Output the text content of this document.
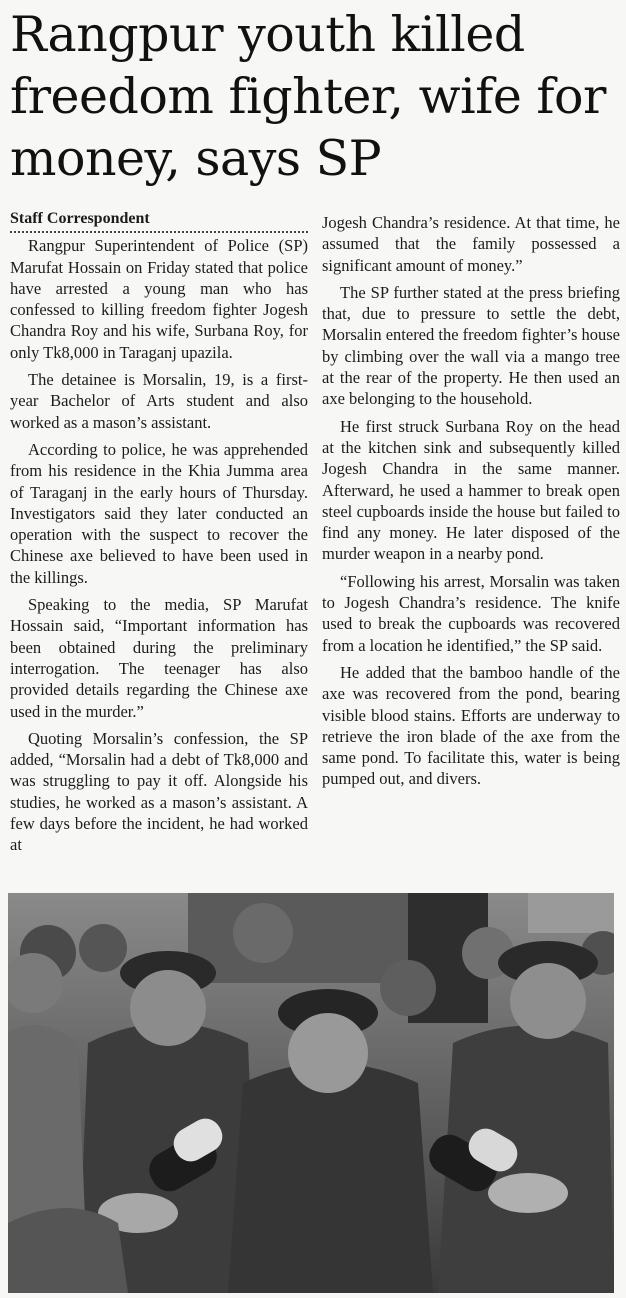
Rangpur youth killed freedom fighter, wife for money, says SP
Staff Correspondent

Rangpur Superintendent of Police (SP) Marufat Hossain on Friday stated that police have arrested a young man who has confessed to killing freedom fighter Jogesh Chandra Roy and his wife, Surbana Roy, for only Tk8,000 in Taraganj upazila.

The detainee is Morsalin, 19, is a first-year Bachelor of Arts student and also worked as a mason’s assistant.

According to police, he was apprehended from his residence in the Khia Jumma area of Taraganj in the early hours of Thursday. Investigators said they later conducted an operation with the suspect to recover the Chinese axe believed to have been used in the killings.

Speaking to the media, SP Marufat Hossain said, “Important information has been obtained during the preliminary interrogation. The teenager has also provided details regarding the Chinese axe used in the murder.”

Quoting Morsalin’s confession, the SP added, “Morsalin had a debt of Tk8,000 and was struggling to pay it off. Alongside his studies, he worked as a mason’s assistant. A few days before the incident, he had worked at

Jogesh Chandra’s residence. At that time, he assumed that the family possessed a significant amount of money.”

The SP further stated at the press briefing that, due to pressure to settle the debt, Morsalin entered the freedom fighter’s house by climbing over the wall via a mango tree at the rear of the property. He then used an axe belonging to the household.

He first struck Surbana Roy on the head at the kitchen sink and subsequently killed Jogesh Chandra in the same manner. Afterward, he used a hammer to break open steel cupboards inside the house but failed to find any money. He later disposed of the murder weapon in a nearby pond.

“Following his arrest, Morsalin was taken to Jogesh Chandra’s residence. The knife used to break the cupboards was recovered from a location he identified,” the SP said.

He added that the bamboo handle of the axe was recovered from the pond, bearing visible blood stains. Efforts are underway to retrieve the iron blade of the axe from the same pond. To facilitate this, water is being pumped out, and divers.
